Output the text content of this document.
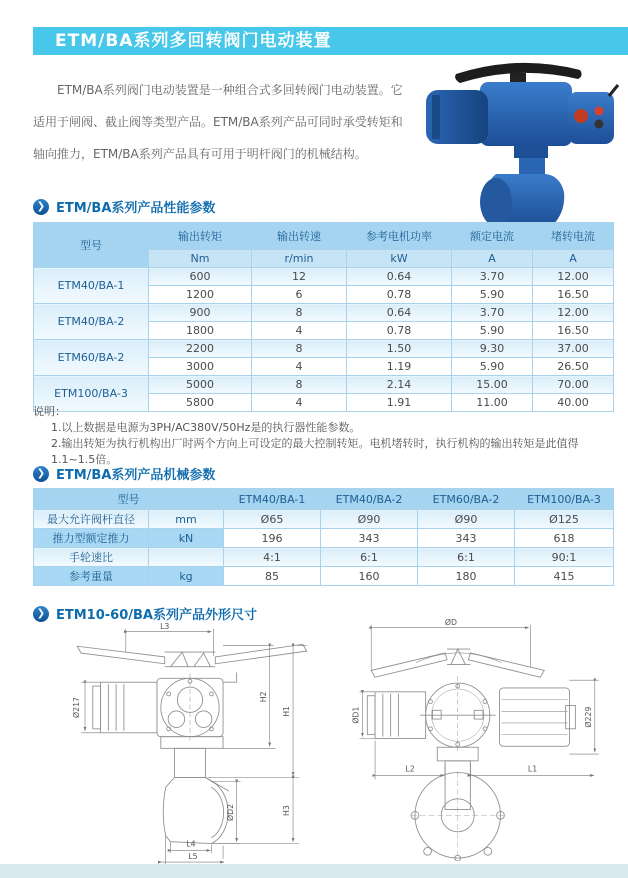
ETM/BA系列多回转阀门电动装置
ETM/BA系列阀门电动装置是一种组合式多回转阀门电动装置。它
适用于闸阀、截止阀等类型产品。ETM/BA系列产品可同时承受转矩和
轴向推力，ETM/BA系列产品具有可用于明杆阀门的机械结构。
❯ ETM/BA系列产品性能参数
型号	输出转矩	输出转速	参考电机功率	额定电流	堵转电流
	Nm	r/min	kW	A	A
ETM40/BA-1	600	12	0.64	3.70	12.00
	1200	6	0.78	5.90	16.50
ETM40/BA-2	900	8	0.64	3.70	12.00
	1800	4	0.78	5.90	16.50
ETM60/BA-2	2200	8	1.50	9.30	37.00
	3000	4	1.19	5.90	26.50
ETM100/BA-3	5000	8	2.14	15.00	70.00
	5800	4	1.91	11.00	40.00
说明：
1.以上数据是电源为3PH/AC380V/50Hz是的执行器性能参数。
2.输出转矩为执行机构出厂时两个方向上可设定的最大控制转矩。电机堵转时，执行机构的输出转矩是此值得1.1~1.5倍。
❯ ETM/BA系列产品机械参数
型号		ETM40/BA-1	ETM40/BA-2	ETM60/BA-2	ETM100/BA-3
最大允许阀杆直径	mm	Ø65	Ø90	Ø90	Ø125
推力型额定推力	kN	196	343	343	618
手轮速比		4:1	6:1	6:1	90:1
参考重量	kg	85	160	180	415
❯ ETM10-60/BA系列产品外形尺寸
L3
Ø217
H2
H1
H3
ØD2
L4
L5
ØD
ØD1	Ø229
L2	L1
